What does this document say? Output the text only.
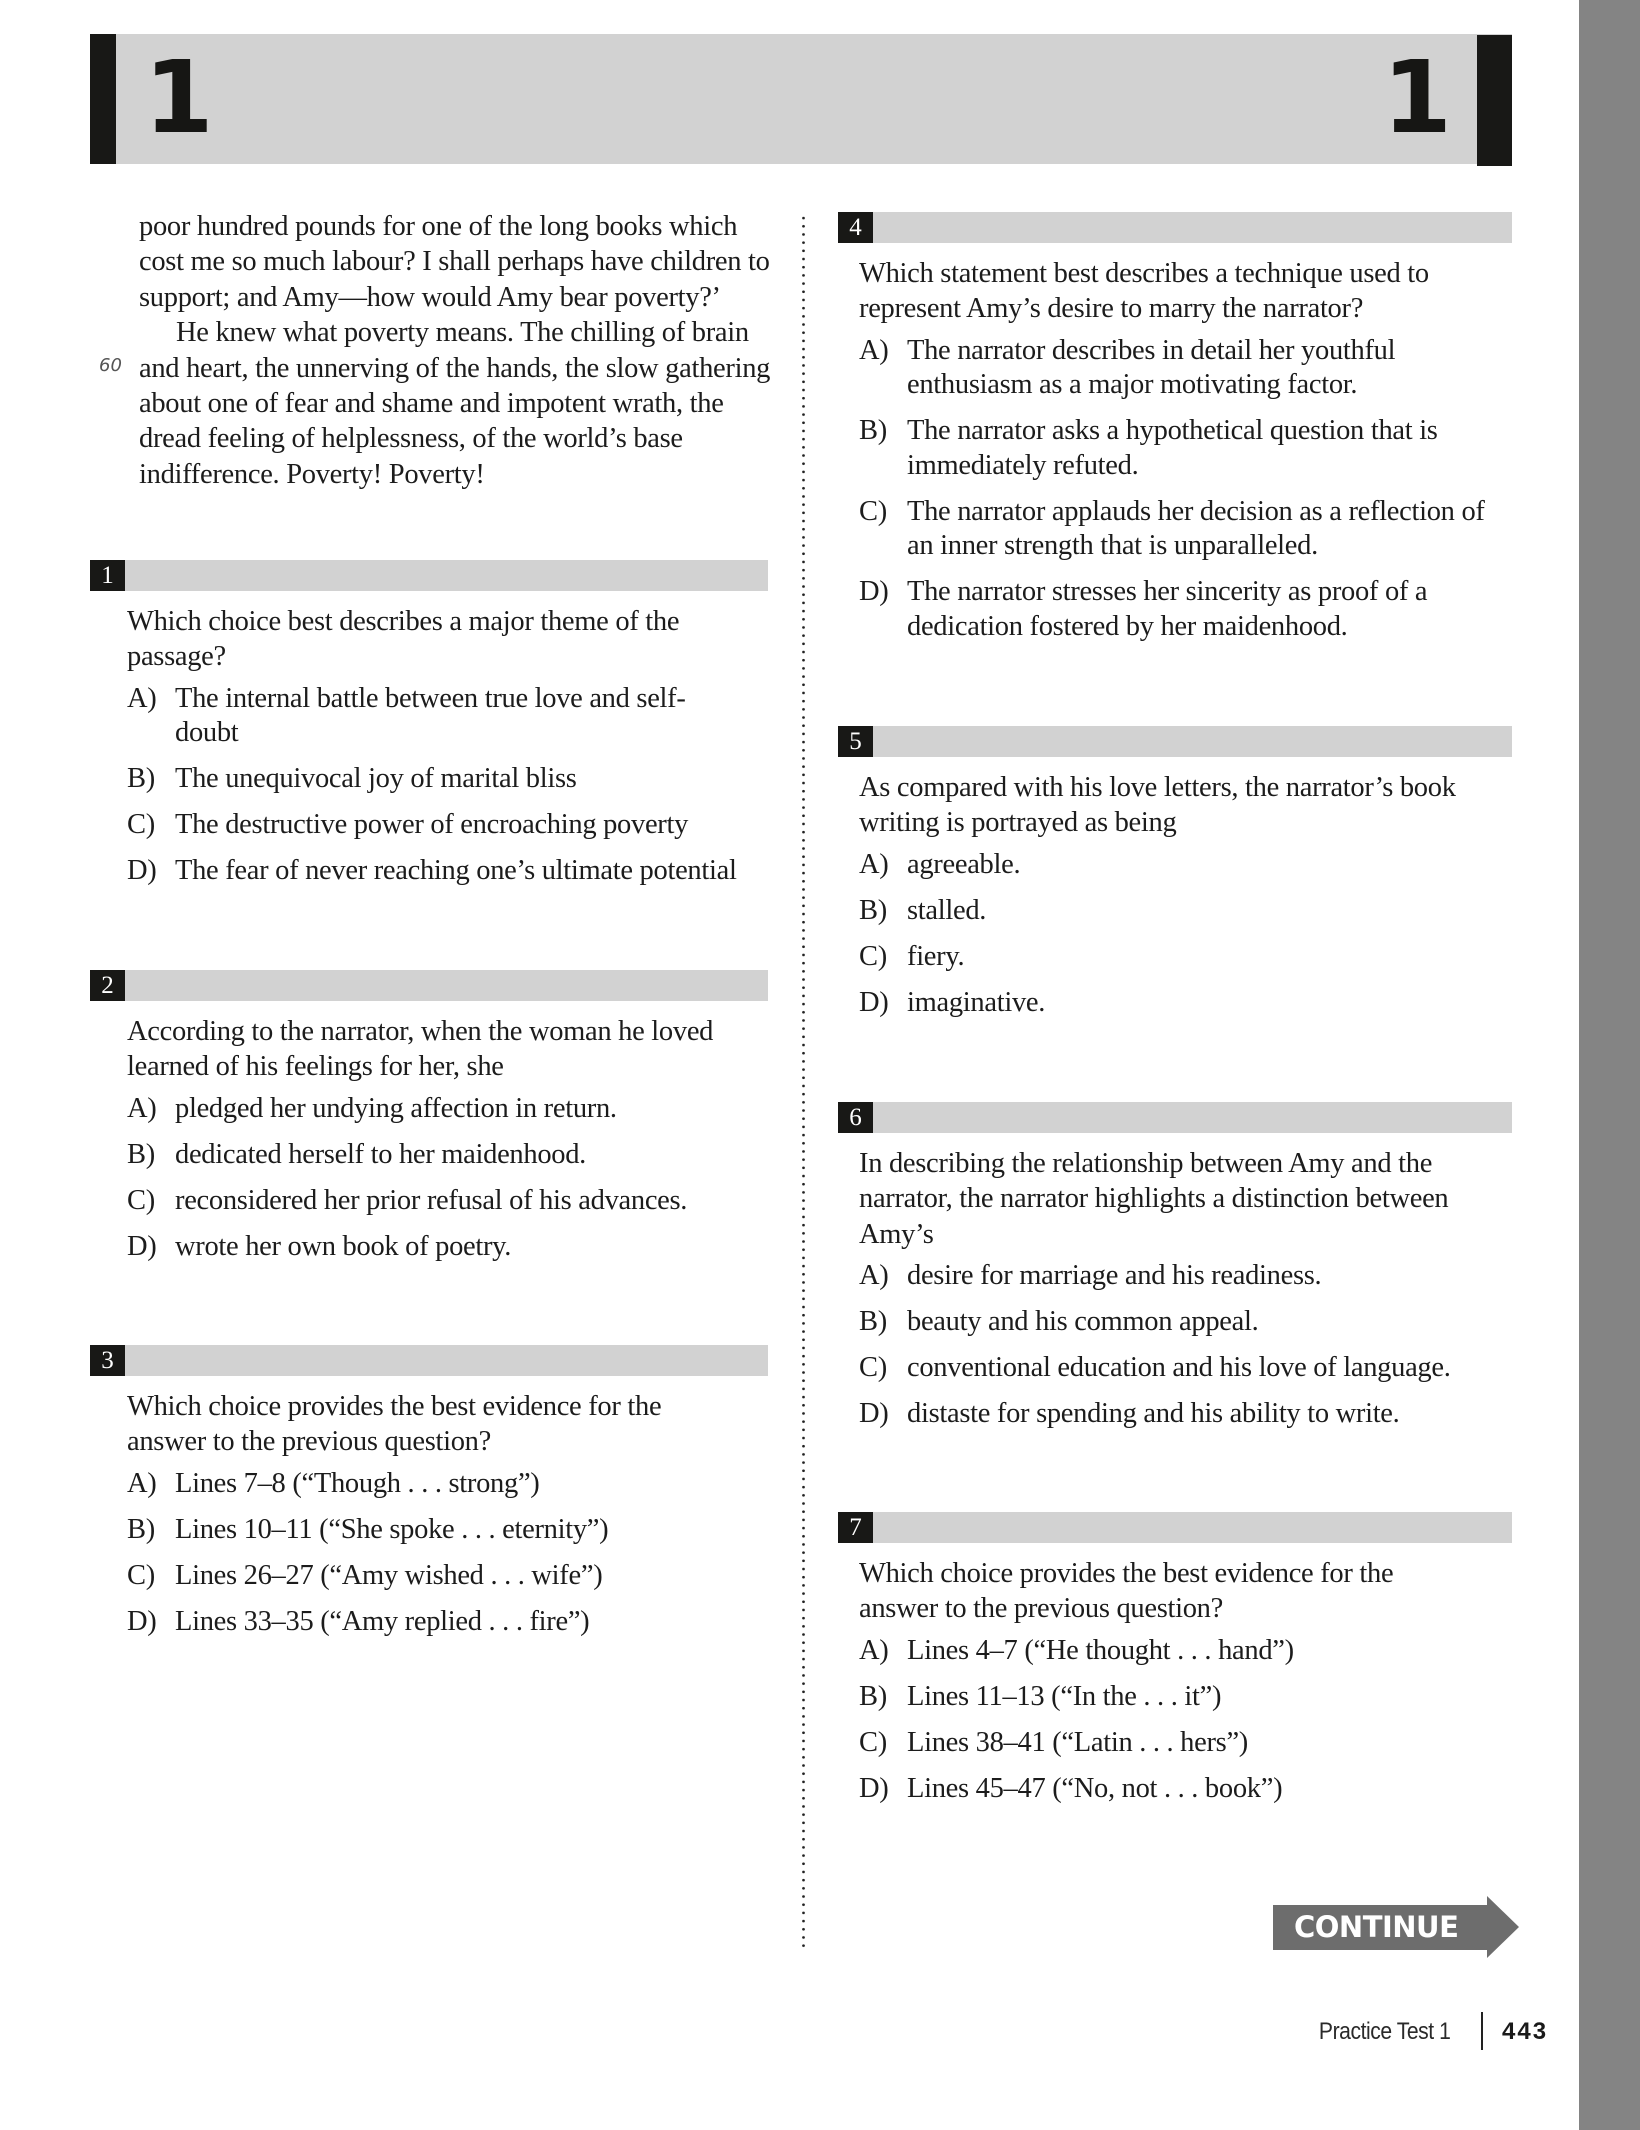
1	1
60

poor hundred pounds for one of the long books which cost me so much labour? I shall perhaps have children to support; and Amy—how would Amy bear poverty?’

He knew what poverty means. The chilling of brain and heart, the unnerving of the hands, the slow gathering about one of fear and shame and impotent wrath, the dread feeling of helplessness, of the world’s base indifference. Poverty! Poverty!

1
Which choice best describes a major theme of the passage?
A) The internal battle between true love and self-doubt
B) The unequivocal joy of marital bliss
C) The destructive power of encroaching poverty
D) The fear of never reaching one’s ultimate potential
2
According to the narrator, when the woman he loved learned of his feelings for her, she
A) pledged her undying affection in return.
B) dedicated herself to her maidenhood.
C) reconsidered her prior refusal of his advances.
D) wrote her own book of poetry.
3
Which choice provides the best evidence for the answer to the previous question?
A) Lines 7–8 (“Though . . . strong”)
B) Lines 10–11 (“She spoke . . . eternity”)
C) Lines 26–27 (“Amy wished . . . wife”)
D) Lines 33–35 (“Amy replied . . . fire”)
4
Which statement best describes a technique used to represent Amy’s desire to marry the narrator?
A) The narrator describes in detail her youthful enthusiasm as a major motivating factor.
B) The narrator asks a hypothetical question that is immediately refuted.
C) The narrator applauds her decision as a reflection of an inner strength that is unparalleled.
D) The narrator stresses her sincerity as proof of a dedication fostered by her maidenhood.
5
As compared with his love letters, the narrator’s book writing is portrayed as being
A) agreeable.
B) stalled.
C) fiery.
D) imaginative.
6
In describing the relationship between Amy and the narrator, the narrator highlights a distinction between Amy’s
A) desire for marriage and his readiness.
B) beauty and his common appeal.
C) conventional education and his love of language.
D) distaste for spending and his ability to write.
7
Which choice provides the best evidence for the answer to the previous question?
A) Lines 4–7 (“He thought . . . hand”)
B) Lines 11–13 (“In the . . . it”)
C) Lines 38–41 (“Latin . . . hers”)
D) Lines 45–47 (“No, not . . . book”)
CONTINUE
Practice Test 1 443
